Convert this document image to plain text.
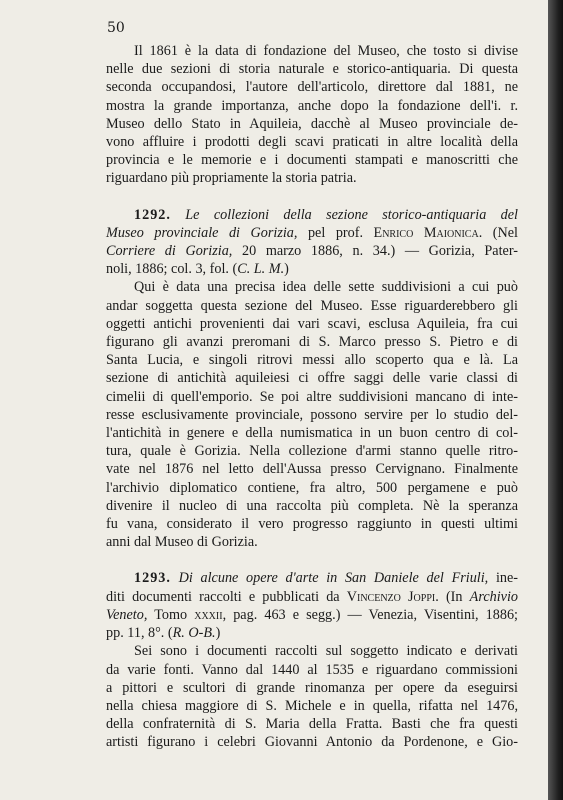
50

Il 1861 è la data di fondazione del Museo, che tosto si divise
nelle due sezioni di storia naturale e storico-antiquaria. Di questa
seconda occupandosi, l'autore dell'articolo, direttore dal 1881, ne
mostra la grande importanza, anche dopo la fondazione dell'i. r.
Museo dello Stato in Aquileia, dacchè al Museo provinciale de-
vono affluire i prodotti degli scavi praticati in altre località della
provincia e le memorie e i documenti stampati e manoscritti che
riguardano più propriamente la storia patria.

1292. Le collezioni della sezione storico-antiquaria del
Museo provinciale di Gorizia, pel prof. Enrico Maionica. (Nel
Corriere di Gorizia, 20 marzo 1886, n. 34.) — Gorizia, Pater-
noli, 1886; col. 3, fol. (C. L. M.)

Qui è data una precisa idea delle sette suddivisioni a cui può
andar soggetta questa sezione del Museo. Esse riguarderebbero gli
oggetti antichi provenienti dai vari scavi, esclusa Aquileia, fra cui
figurano gli avanzi preromani di S. Marco presso S. Pietro e di
Santa Lucia, e singoli ritrovi messi allo scoperto qua e là. La
sezione di antichità aquileiesi ci offre saggi delle varie classi di
cimelii di quell'emporio. Se poi altre suddivisioni mancano di inte-
resse esclusivamente provinciale, possono servire per lo studio del-
l'antichità in genere e della numismatica in un buon centro di col-
tura, quale è Gorizia. Nella collezione d'armi stanno quelle ritro-
vate nel 1876 nel letto dell'Aussa presso Cervignano. Finalmente
l'archivio diplomatico contiene, fra altro, 500 pergamene e può
divenire il nucleo di una raccolta più completa. Nè la speranza
fu vana, considerato il vero progresso raggiunto in questi ultimi
anni dal Museo di Gorizia.

1293. Di alcune opere d'arte in San Daniele del Friuli, ine-
diti documenti raccolti e pubblicati da Vincenzo Joppi. (In Archivio
Veneto, Tomo xxxii, pag. 463 e segg.) — Venezia, Visentini, 1886;
pp. 11, 8°. (R. O-B.)

Sei sono i documenti raccolti sul soggetto indicato e derivati
da varie fonti. Vanno dal 1440 al 1535 e riguardano commissioni
a pittori e scultori di grande rinomanza per opere da eseguirsi
nella chiesa maggiore di S. Michele e in quella, rifatta nel 1476,
della confraternità di S. Maria della Fratta. Basti che fra questi
artisti figurano i celebri Giovanni Antonio da Pordenone, e Gio-
